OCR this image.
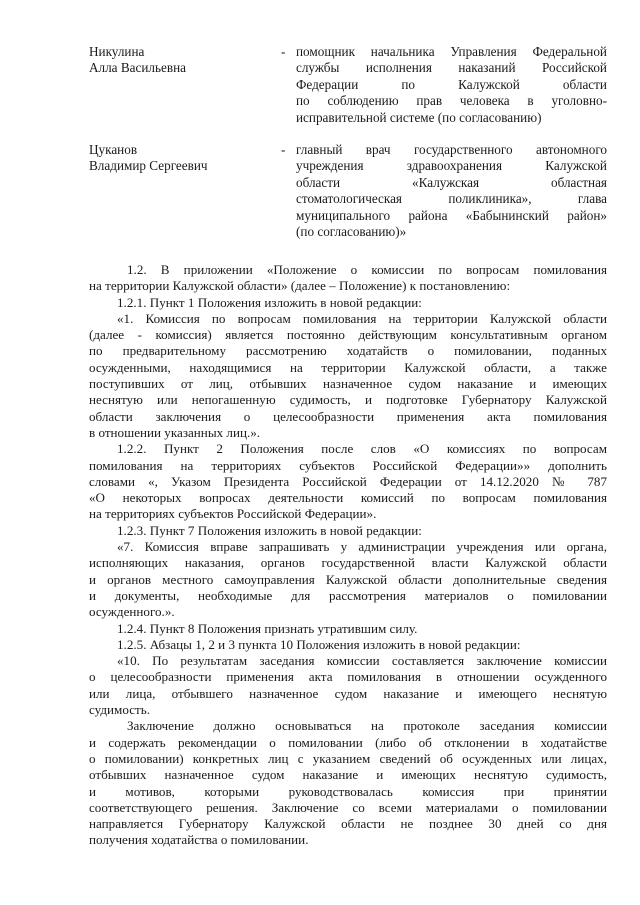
Никулина
Алла Васильевна
- помощник начальника Управления Федеральной
службы исполнения наказаний Российской
Федерации по Калужской области
по соблюдению прав человека в уголовно-
исправительной системе (по согласованию)
Цуканов
Владимир Сергеевич
- главный врач государственного автономного
учреждения здравоохранения Калужской
области «Калужская областная
стоматологическая поликлиника», глава
муниципального района «Бабынинский район»
(по согласованию)»
1.2. В приложении «Положение о комиссии по вопросам помилования
на территории Калужской области» (далее – Положение) к постановлению:
1.2.1. Пункт 1 Положения изложить в новой редакции:
«1. Комиссия по вопросам помилования на территории Калужской области
(далее - комиссия) является постоянно действующим консультативным органом
по предварительному рассмотрению ходатайств о помиловании, поданных
осужденными, находящимися на территории Калужской области, а также
поступивших от лиц, отбывших назначенное судом наказание и имеющих
неснятую или непогашенную судимость, и подготовке Губернатору Калужской
области заключения о целесообразности применения акта помилования
в отношении указанных лиц.».
1.2.2. Пункт 2 Положения после слов «О комиссиях по вопросам
помилования на территориях субъектов Российской Федерации»» дополнить
словами «, Указом Президента Российской Федерации от 14.12.2020 № 787
«О некоторых вопросах деятельности комиссий по вопросам помилования
на территориях субъектов Российской Федерации».
1.2.3. Пункт 7 Положения изложить в новой редакции:
«7. Комиссия вправе запрашивать у администрации учреждения или органа,
исполняющих наказания, органов государственной власти Калужской области
и органов местного самоуправления Калужской области дополнительные сведения
и документы, необходимые для рассмотрения материалов о помиловании
осужденного.».
1.2.4. Пункт 8 Положения признать утратившим силу.
1.2.5. Абзацы 1, 2 и 3 пункта 10 Положения изложить в новой редакции:
«10. По результатам заседания комиссии составляется заключение комиссии
о целесообразности применения акта помилования в отношении осужденного
или лица, отбывшего назначенное судом наказание и имеющего неснятую
судимость.
Заключение должно основываться на протоколе заседания комиссии
и содержать рекомендации о помиловании (либо об отклонении в ходатайстве
о помиловании) конкретных лиц с указанием сведений об осужденных или лицах,
отбывших назначенное судом наказание и имеющих неснятую судимость,
и мотивов, которыми руководствовалась комиссия при принятии
соответствующего решения. Заключение со всеми материалами о помиловании
направляется Губернатору Калужской области не позднее 30 дней со дня
получения ходатайства о помиловании.
